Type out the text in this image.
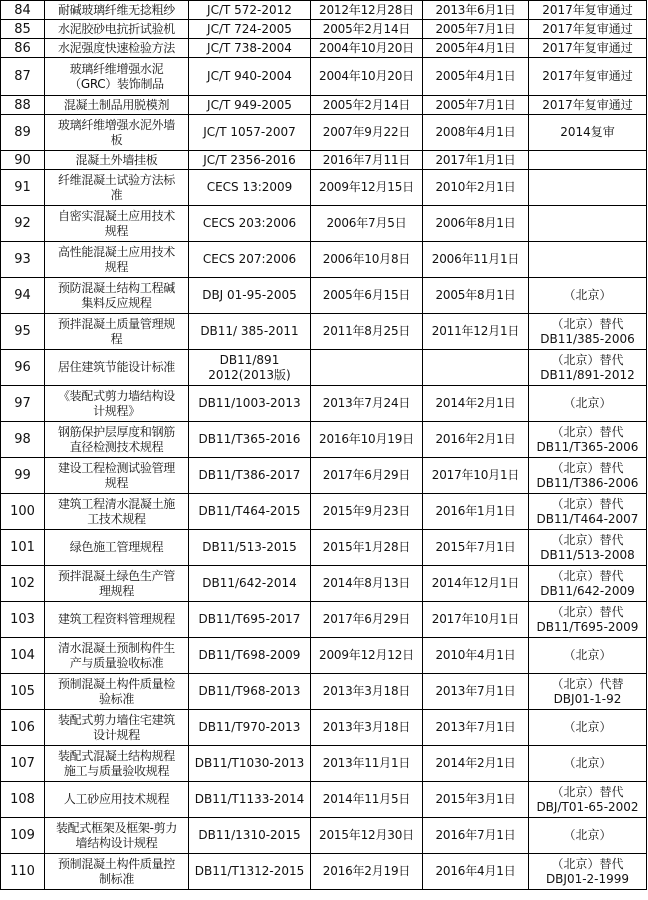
84	耐碱玻璃纤维无捻粗纱	JC/T 572-2012	2012年12月28日	2013年6月1日	2017年复审通过

85	水泥胶砂电抗折试验机	JC/T 724-2005	2005年2月14日	2005年7月1日	2017年复审通过

86	水泥强度快速检验方法	JC/T 738-2004	2004年10月20日	2005年4月1日	2017年复审通过

87	玻璃纤维增强水泥
（GRC）装饰制品	JC/T 940-2004	2004年10月20日	2005年4月1日	2017年复审通过

88	混凝土制品用脱模剂	JC/T 949-2005	2005年2月14日	2005年7月1日	2017年复审通过

89	玻璃纤维增强水泥外墙
板	JC/T 1057-2007	2007年9月22日	2008年4月1日	2014复审

90	混凝土外墙挂板	JC/T 2356-2016	2016年7月11日	2017年1月1日	

91	纤维混凝土试验方法标
准	CECS 13:2009	2009年12月15日	2010年2月1日	

92	自密实混凝土应用技术
规程	CECS 203:2006	2006年7月5日	2006年8月1日	

93	高性能混凝土应用技术
规程	CECS 207:2006	2006年10月8日	2006年11月1日	

94	预防混凝土结构工程碱
集料反应规程	DBJ 01-95-2005	2005年6月15日	2005年8月1日	（北京）

95	预拌混凝土质量管理规
程	DB11/ 385-2011	2011年8月25日	2011年12月1日	（北京）替代
DB11/385-2006

96	居住建筑节能设计标准	DB11/891
2012(2013版)			（北京）替代
DB11/891-2012

97	《装配式剪力墙结构设
计规程》	DB11/1003-2013	2013年7月24日	2014年2月1日	（北京）

98	钢筋保护层厚度和钢筋
直径检测技术规程	DB11/T365-2016	2016年10月19日	2016年2月1日	（北京）替代
DB11/T365-2006

99	建设工程检测试验管理
规程	DB11/T386-2017	2017年6月29日	2017年10月1日	（北京）替代
DB11/T386-2006

100	建筑工程清水混凝土施
工技术规程	DB11/T464-2015	2015年9月23日	2016年1月1日	（北京）替代
DB11/T464-2007

101	绿色施工管理规程	DB11/513-2015	2015年1月28日	2015年7月1日	（北京）替代
DB11/513-2008

102	预拌混凝土绿色生产管
理规程	DB11/642-2014	2014年8月13日	2014年12月1日	（北京）替代
DB11/642-2009

103	建筑工程资料管理规程	DB11/T695-2017	2017年6月29日	2017年10月1日	（北京）替代
DB11/T695-2009

104	清水混凝土预制构件生
产与质量验收标准	DB11/T698-2009	2009年12月12日	2010年4月1日	（北京）

105	预制混凝土构件质量检
验标准	DB11/T968-2013	2013年3月18日	2013年7月1日	（北京）代替
DBJ01-1-92

106	装配式剪力墙住宅建筑
设计规程	DB11/T970-2013	2013年3月18日	2013年7月1日	（北京）

107	装配式混凝土结构规程
施工与质量验收规程	DB11/T1030-2013	2013年11月1日	2014年2月1日	（北京）

108	人工砂应用技术规程	DB11/T1133-2014	2014年11月5日	2015年3月1日	（北京）替代
DBJ/T01-65-2002

109	装配式框架及框架-剪力
墙结构设计规程	DB11/1310-2015	2015年12月30日	2016年7月1日	（北京）

110	预制混凝土构件质量控
制标准	DB11/T1312-2015	2016年2月19日	2016年4月1日	（北京）替代
DBJ01-2-1999
